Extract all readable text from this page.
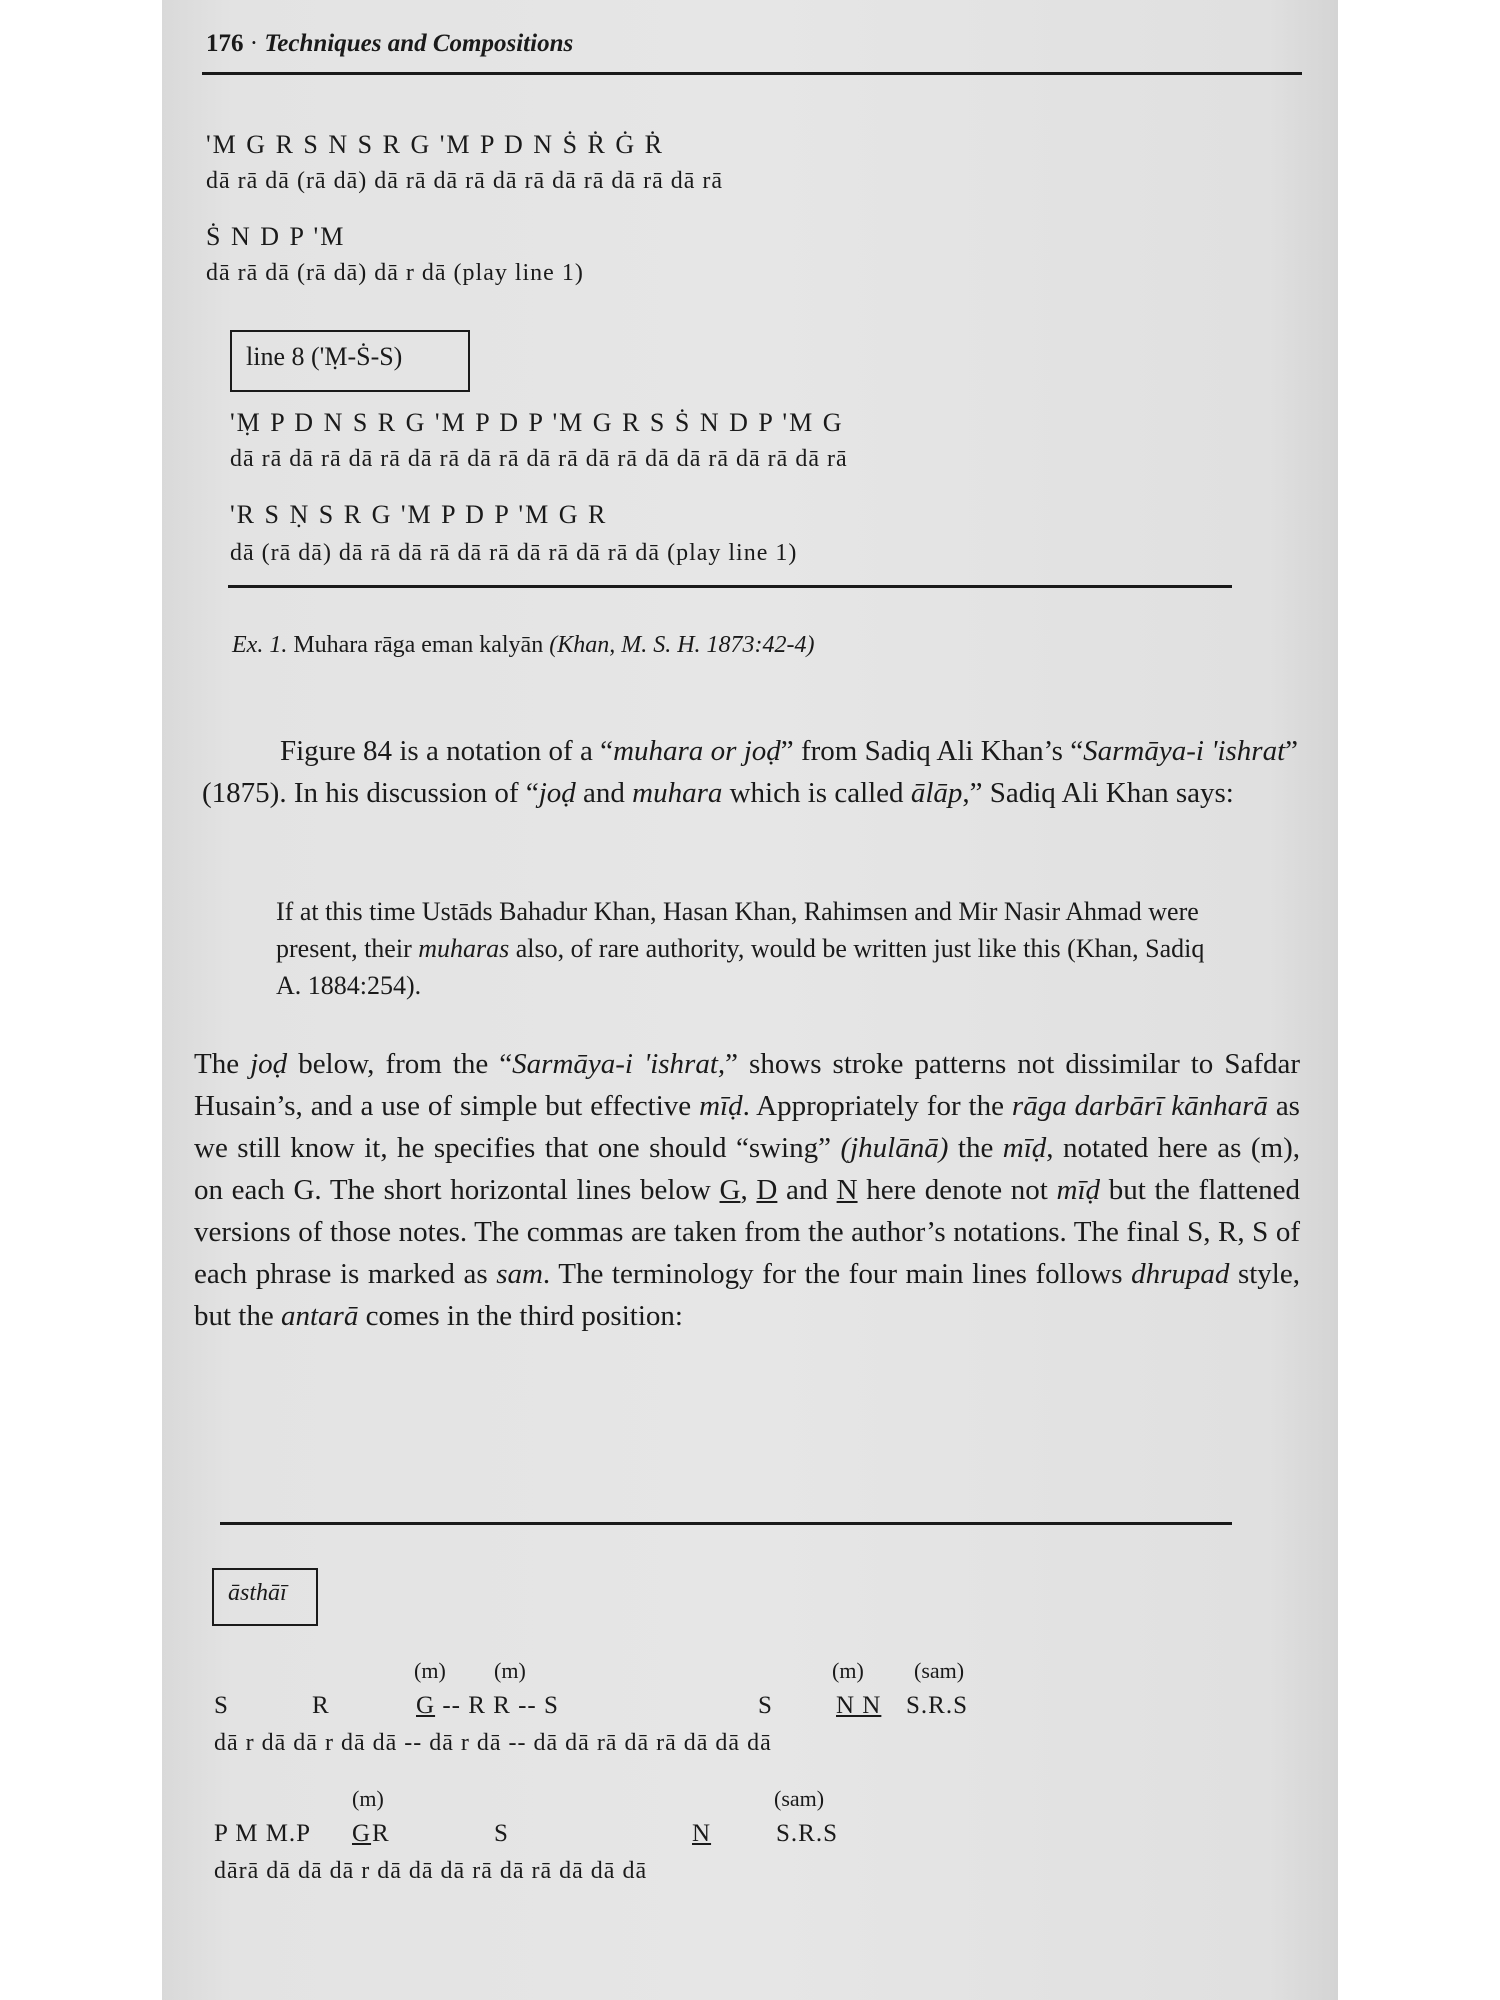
176 · Techniques and Compositions
'M G R S N S R G 'M P D N Ṡ Ṙ Ġ Ṙ
dā rā dā (rā dā) dā rā dā rā dā rā dā rā dā rā dā rā
Ṡ N D P 'M
dā rā dā (rā dā) dā r dā (play line 1)
line 8 ('Ṃ-Ṡ-S)
'Ṃ P D N S R G 'M P D P 'M G R S Ṡ N D P 'M G
dā rā dā rā dā rā dā rā dā rā dā rā dā rā dā dā rā dā rā dā rā
'R S Ṇ S R G 'M P D P 'M G R
dā (rā dā) dā rā dā rā dā rā dā rā dā rā dā (play line 1)
Ex. 1. Muhara rāga eman kalyān (Khan, M. S. H. 1873:42-4)
Figure 84 is a notation of a “muhara or joḍ” from Sadiq Ali Khan’s “Sarmāya-i 'ishrat” (1875). In his discussion of “joḍ and muhara which is called ālāp,” Sadiq Ali Khan says:
If at this time Ustāds Bahadur Khan, Hasan Khan, Rahimsen and Mir Nasir Ahmad were present, their muharas also, of rare authority, would be written just like this (Khan, Sadiq A. 1884:254).
The joḍ below, from the “Sarmāya-i 'ishrat,” shows stroke patterns not dissimilar to Safdar Husain’s, and a use of simple but effective mīḍ. Appropriately for the rāga darbārī kānharā as we still know it, he specifies that one should “swing” (jhulānā) the mīḍ, notated here as (m), on each G. The short horizontal lines below G, D and N here denote not mīḍ but the flattened versions of those notes. The commas are taken from the author’s notations. The final S, R, S of each phrase is marked as sam. The terminology for the four main lines follows dhrupad style, but the antarā comes in the third position:
āsthāī
(m) (m)	(m) (sam)
S	R	G -- R R -- S	S	N N S.R.S
dā r dā dā r dā dā -- dā r dā -- dā dā rā dā rā dā dā dā
(m)	(sam)
P M M.P G R	S	N	S.R.S
dārā dā dā dā r dā dā dā rā dā rā dā dā dā
